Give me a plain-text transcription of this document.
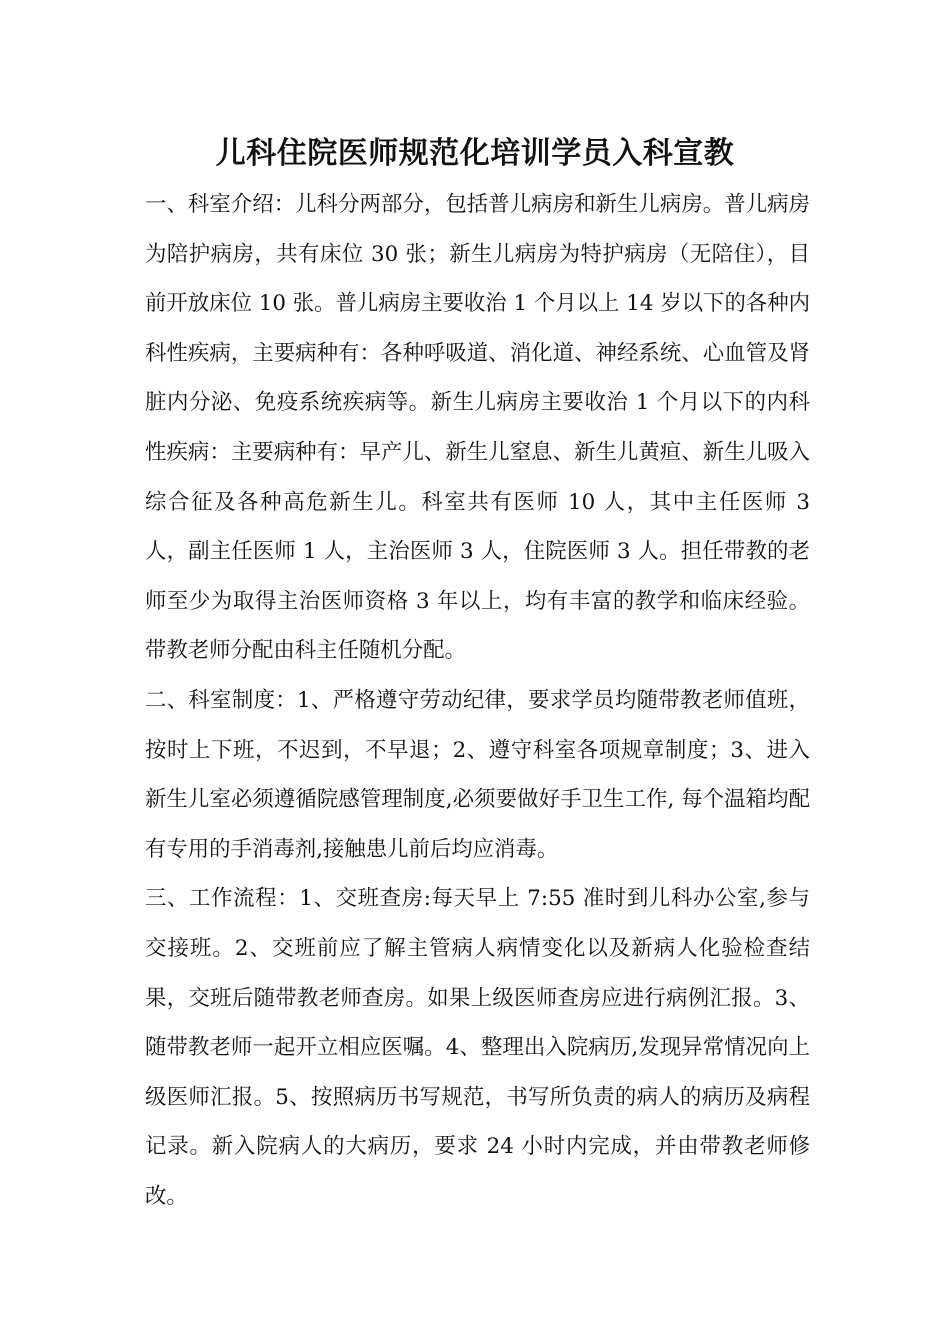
儿科住院医师规范化培训学员入科宣教

一、科室介绍：儿科分两部分，包括普儿病房和新生儿病房。普儿病房为陪护病房，共有床位 30 张；新生儿病房为特护病房（无陪住），目前开放床位 10 张。普儿病房主要收治 1 个月以上 14 岁以下的各种内科性疾病，主要病种有：各种呼吸道、消化道、神经系统、心血管及肾脏内分泌、免疫系统疾病等。新生儿病房主要收治 1 个月以下的内科性疾病：主要病种有：早产儿、新生儿窒息、新生儿黄疸、新生儿吸入综合征及各种高危新生儿。科室共有医师 10 人，其中主任医师 3 人，副主任医师 1 人，主治医师 3 人，住院医师 3 人。担任带教的老师至少为取得主治医师资格 3 年以上，均有丰富的教学和临床经验。带教老师分配由科主任随机分配。

二、科室制度：1、严格遵守劳动纪律，要求学员均随带教老师值班，按时上下班，不迟到，不早退；2、遵守科室各项规章制度；3、进入新生儿室必须遵循院感管理制度,必须要做好手卫生工作, 每个温箱均配有专用的手消毒剂,接触患儿前后均应消毒。

三、工作流程：1、交班查房:每天早上 7:55 准时到儿科办公室,参与交接班。2、交班前应了解主管病人病情变化以及新病人化验检查结果，交班后随带教老师查房。如果上级医师查房应进行病例汇报。3、随带教老师一起开立相应医嘱。4、整理出入院病历,发现异常情况向上级医师汇报。5、按照病历书写规范，书写所负责的病人的病历及病程记录。新入院病人的大病历，要求 24 小时内完成，并由带教老师修改。
